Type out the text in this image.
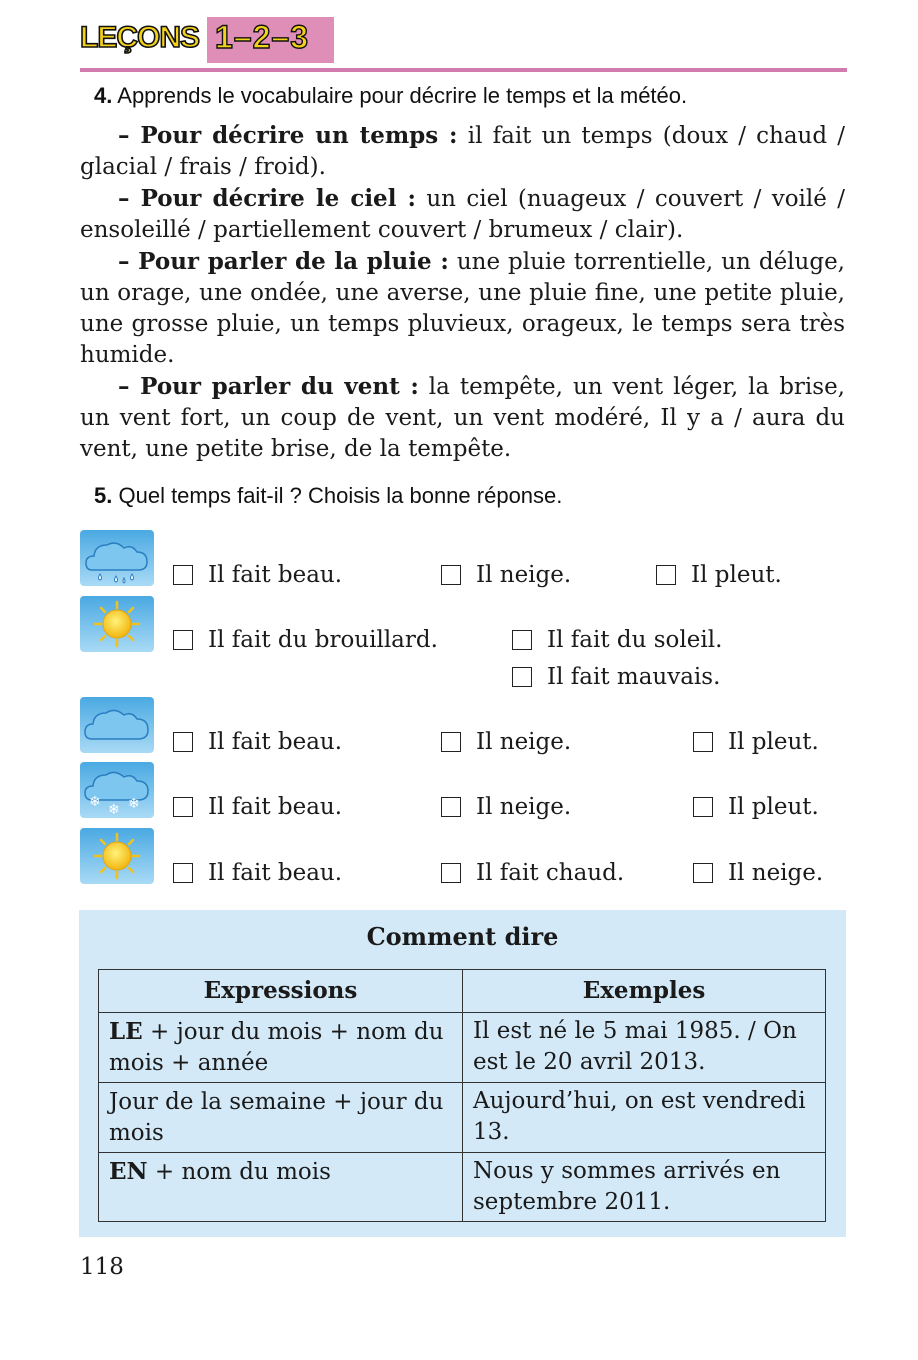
LEÇONS 1–2–3
4. Apprends le vocabulaire pour décrire le temps et la météo.

– Pour décrire un temps : il fait un temps (doux / chaud / glacial / frais / froid).

– Pour décrire le ciel : un ciel (nuageux / couvert / voilé / ensoleillé / partiellement couvert / brumeux / clair).

– Pour parler de la pluie : une pluie torrentielle, un déluge, un orage, une ondée, une averse, une pluie fine, une petite pluie, une grosse pluie, un temps pluvieux, orageux, le temps sera très humide.

– Pour parler du vent : la tempête, un vent léger, la brise, un vent fort, un coup de vent, un vent modéré, Il y a / aura du vent, une petite brise, de la tempête.

5. Quel temps fait-il ? Choisis la bonne réponse.
Il fait beau.	Il neige.	Il pleut.
Il fait du brouillard.	Il fait du soleil.
Il fait mauvais.
Il fait beau.	Il neige.	Il pleut.
❄ ❄ ❄	Il fait beau.	Il neige.	Il pleut.
Il fait beau.	Il fait chaud.	Il neige.
Comment dire
Expressions	Exemples
LE + jour du mois + nom du mois + année	Il est né le 5 mai 1985. / On est le 20 avril 2013.
Jour de la semaine + jour du mois	Aujourd’hui, on est vendredi 13.
EN + nom du mois	Nous y sommes arrivés en septembre 2011.
118
